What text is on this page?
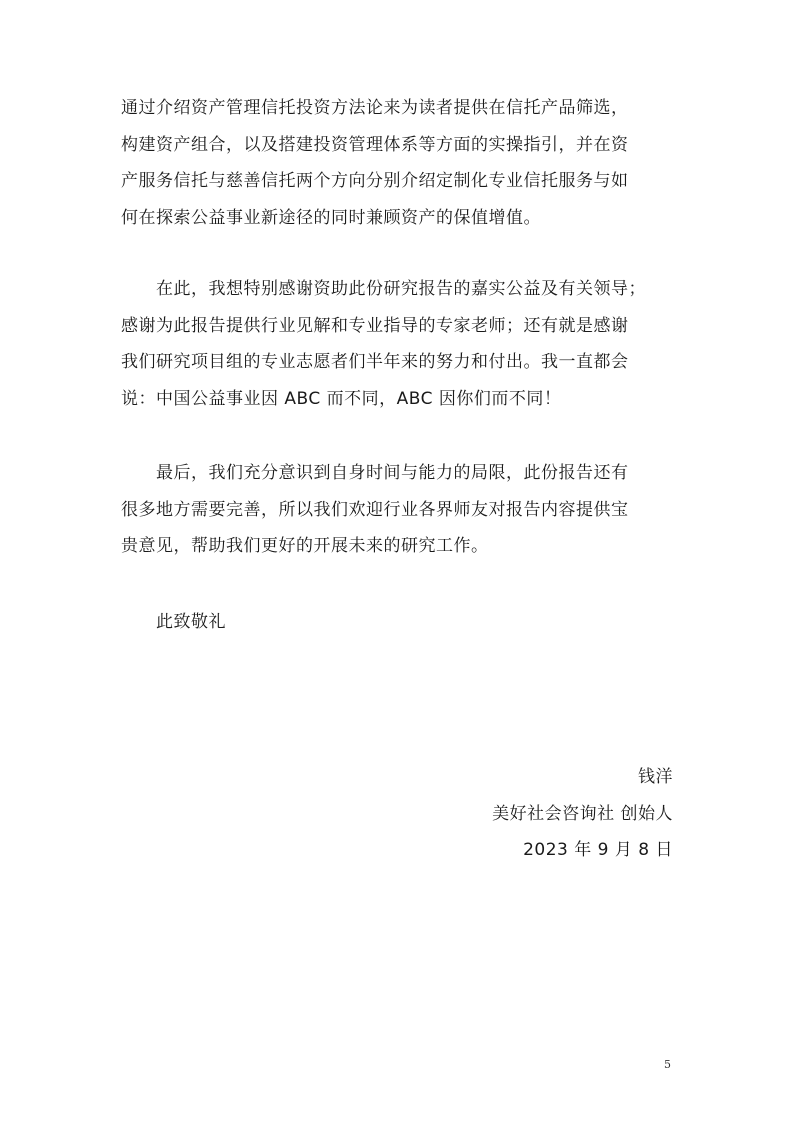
通过介绍资产管理信托投资方法论来为读者提供在信托产品筛选，
构建资产组合，以及搭建投资管理体系等方面的实操指引，并在资
产服务信托与慈善信托两个方向分别介绍定制化专业信托服务与如
何在探索公益事业新途径的同时兼顾资产的保值增值。

　　在此，我想特别感谢资助此份研究报告的嘉实公益及有关领导；
感谢为此报告提供行业见解和专业指导的专家老师；还有就是感谢
我们研究项目组的专业志愿者们半年来的努力和付出。我一直都会
说：中国公益事业因 ABC 而不同，ABC 因你们而不同！

　　最后，我们充分意识到自身时间与能力的局限，此份报告还有
很多地方需要完善，所以我们欢迎行业各界师友对报告内容提供宝
贵意见，帮助我们更好的开展未来的研究工作。

　　此致敬礼

钱洋
美好社会咨询社 创始人
2023 年 9 月 8 日
5
